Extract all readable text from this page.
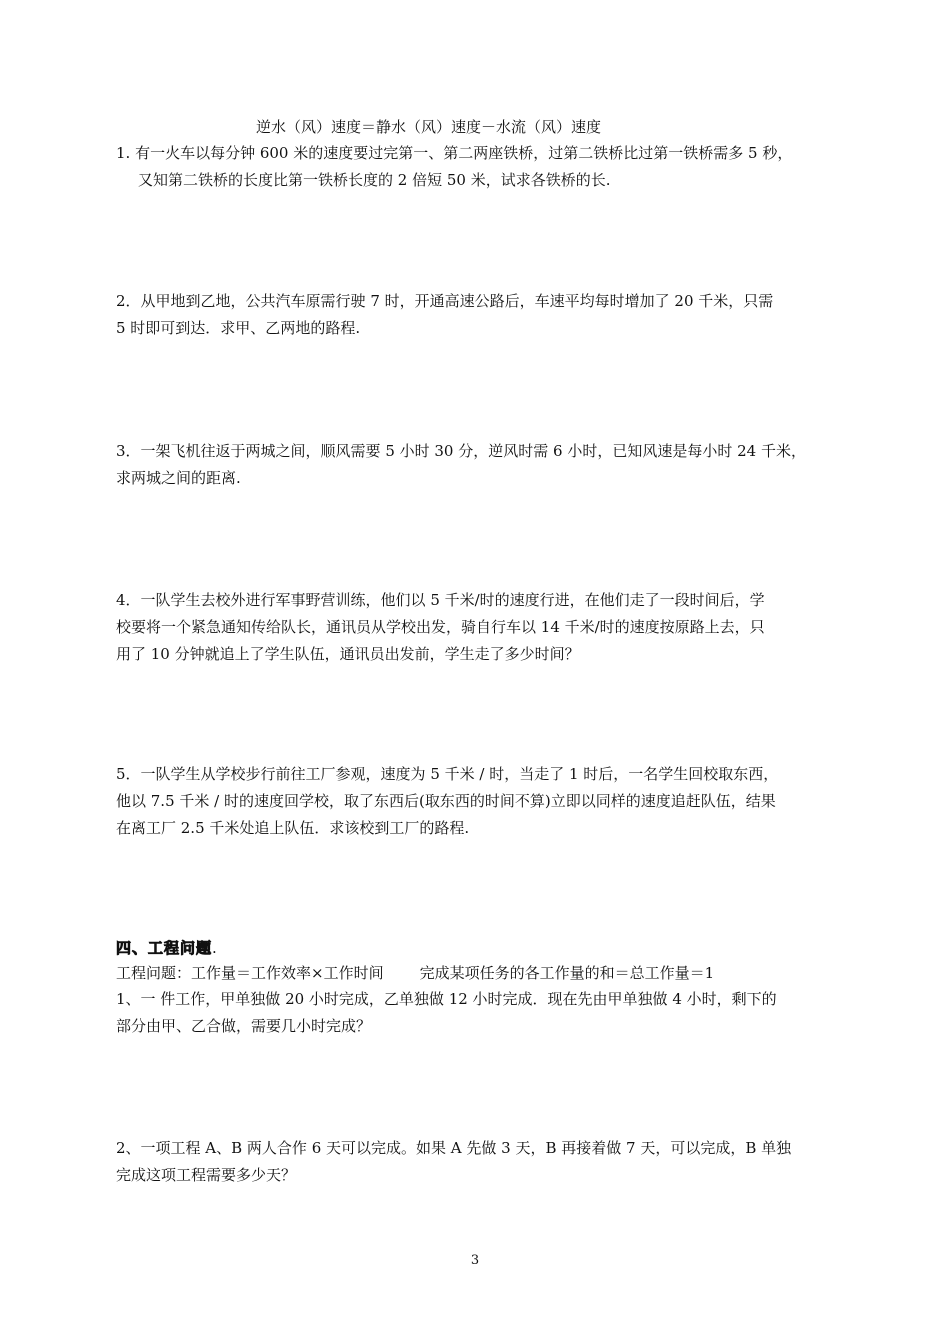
逆水（风）速度＝静水（风）速度－水流（风）速度
1. 有一火车以每分钟 600 米的速度要过完第一、第二两座铁桥，过第二铁桥比过第一铁桥需多 5 秒，
又知第二铁桥的长度比第一铁桥长度的 2 倍短 50 米，试求各铁桥的长.
2．从甲地到乙地，公共汽车原需行驶 7 时，开通高速公路后，车速平均每时增加了 20 千米，只需
5 时即可到达．求甲、乙两地的路程.
3．一架飞机往返于两城之间，顺风需要 5 小时 30 分，逆风时需 6 小时，已知风速是每小时 24 千米，
求两城之间的距离.
4．一队学生去校外进行军事野营训练，他们以 5 千米/时的速度行进，在他们走了一段时间后，学
校要将一个紧急通知传给队长，通讯员从学校出发，骑自行车以 14 千米/时的速度按原路上去，只
用了 10 分钟就追上了学生队伍，通讯员出发前，学生走了多少时间？
5．一队学生从学校步行前往工厂参观，速度为 5 千米 / 时，当走了 1 时后，一名学生回校取东西，
他以 7.5 千米 / 时的速度回学校，取了东西后(取东西的时间不算)立即以同样的速度追赶队伍，结果
在离工厂 2.5 千米处追上队伍．求该校到工厂的路程.
四、工程问题.
工程问题：工作量＝工作效率×工作时间 完成某项任务的各工作量的和＝总工作量＝1
1、一 件工作，甲单独做 20 小时完成，乙单独做 12 小时完成．现在先由甲单独做 4 小时，剩下的
部分由甲、乙合做，需要几小时完成？
2、一项工程 A、B 两人合作 6 天可以完成。如果 A 先做 3 天，B 再接着做 7 天，可以完成，B 单独
完成这项工程需要多少天？
3
